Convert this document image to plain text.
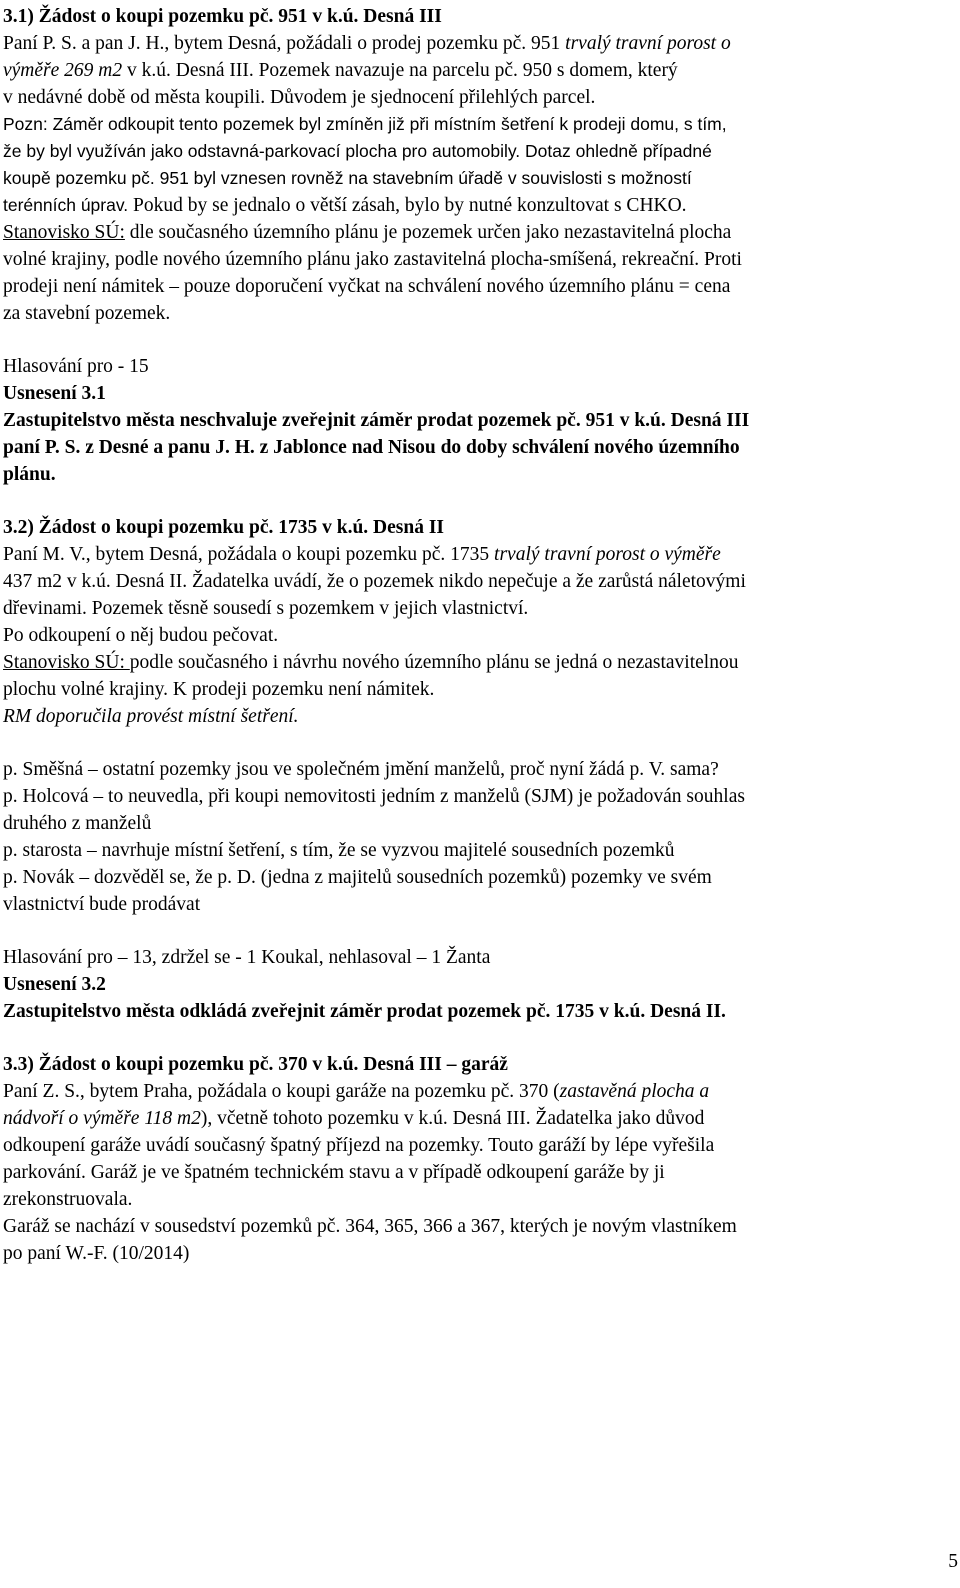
3.1) Žádost o koupi pozemku pč. 951 v k.ú. Desná III
Paní P. S. a pan J. H., bytem Desná, požádali o prodej pozemku pč. 951 trvalý travní porost o
výměře 269 m2 v k.ú. Desná III. Pozemek navazuje na parcelu pč. 950 s domem, který
v nedávné době od města koupili. Důvodem je sjednocení přilehlých parcel.
Pozn: Záměr odkoupit tento pozemek byl zmíněn již při místním šetření k prodeji domu, s tím,
že by byl využíván jako odstavná-parkovací plocha pro automobily. Dotaz ohledně případné
koupě pozemku pč. 951 byl vznesen rovněž na stavebním úřadě v souvislosti s možností
terénních úprav. Pokud by se jednalo o větší zásah, bylo by nutné konzultovat s CHKO.
Stanovisko SÚ: dle současného územního plánu je pozemek určen jako nezastavitelná plocha
volné krajiny, podle nového územního plánu jako zastavitelná plocha-smíšená, rekreační. Proti
prodeji není námitek – pouze doporučení vyčkat na schválení nového územního plánu = cena
za stavební pozemek.
Hlasování pro - 15
Usnesení 3.1
Zastupitelstvo města neschvaluje zveřejnit záměr prodat pozemek pč. 951 v k.ú. Desná III
paní P. S. z Desné a panu J. H. z Jablonce nad Nisou do doby schválení nového územního
plánu.
3.2) Žádost o koupi pozemku pč. 1735 v k.ú. Desná II
Paní M. V., bytem Desná, požádala o koupi pozemku pč. 1735 trvalý travní porost o výměře
437 m2 v k.ú. Desná II. Žadatelka uvádí, že o pozemek nikdo nepečuje a že zarůstá náletovými
dřevinami. Pozemek těsně sousedí s pozemkem v jejich vlastnictví.
Po odkoupení o něj budou pečovat.
Stanovisko SÚ: podle současného i návrhu nového územního plánu se jedná o nezastavitelnou
plochu volné krajiny. K prodeji pozemku není námitek.
RM doporučila provést místní šetření.
p. Směšná – ostatní pozemky jsou ve společném jmění manželů, proč nyní žádá p. V. sama?
p. Holcová – to neuvedla, při koupi nemovitosti jedním z manželů (SJM) je požadován souhlas
druhého z manželů
p. starosta – navrhuje místní šetření, s tím, že se vyzvou majitelé sousedních pozemků
p. Novák – dozvěděl se, že p. D. (jedna z majitelů sousedních pozemků) pozemky ve svém
vlastnictví bude prodávat
Hlasování pro – 13, zdržel se - 1 Koukal, nehlasoval – 1 Žanta
Usnesení 3.2
Zastupitelstvo města odkládá zveřejnit záměr prodat pozemek pč. 1735 v k.ú. Desná II.
3.3) Žádost o koupi pozemku pč. 370 v k.ú. Desná III – garáž
Paní Z. S., bytem Praha, požádala o koupi garáže na pozemku pč. 370 (zastavěná plocha a
nádvoří o výměře 118 m2), včetně tohoto pozemku v k.ú. Desná III. Žadatelka jako důvod
odkoupení garáže uvádí současný špatný příjezd na pozemky. Touto garáží by lépe vyřešila
parkování. Garáž je ve špatném technickém stavu a v případě odkoupení garáže by ji
zrekonstruovala.
Garáž se nachází v sousedství pozemků pč. 364, 365, 366 a 367, kterých je novým vlastníkem
po paní W.-F. (10/2014)
5
